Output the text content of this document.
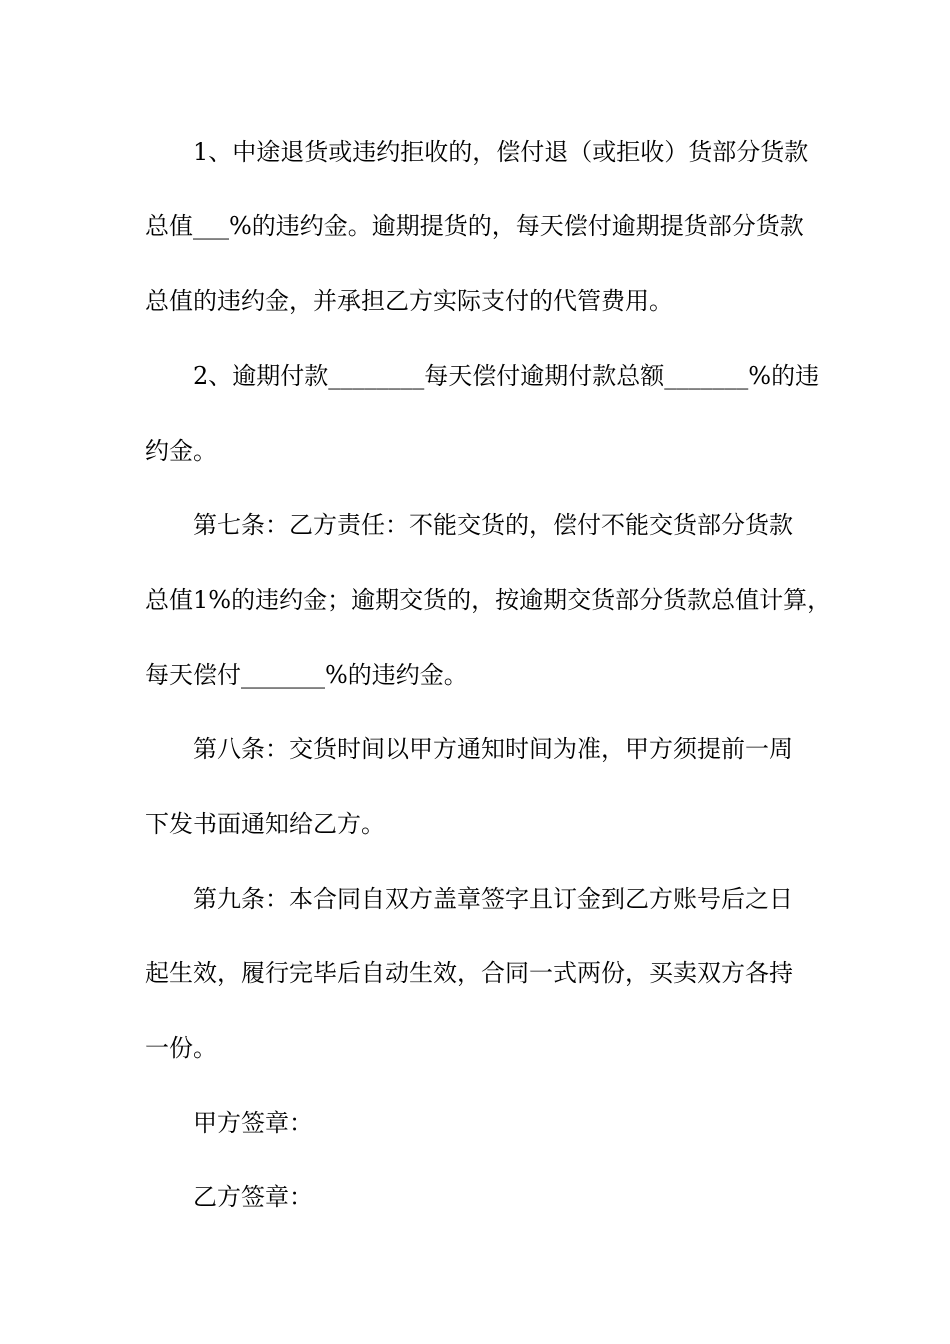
1、中途退货或违约拒收的，偿付退（或拒收）货部分货款
总值___%的违约金。逾期提货的，每天偿付逾期提货部分货款
总值的违约金，并承担乙方实际支付的代管费用。
2、逾期付款________每天偿付逾期付款总额_______%的违
约金。
第七条：乙方责任：不能交货的，偿付不能交货部分货款
总值1%的违约金；逾期交货的，按逾期交货部分货款总值计算，
每天偿付_______%的违约金。
第八条：交货时间以甲方通知时间为准，甲方须提前一周
下发书面通知给乙方。
第九条：本合同自双方盖章签字且订金到乙方账号后之日
起生效，履行完毕后自动生效，合同一式两份，买卖双方各持
一份。
甲方签章：
乙方签章：
